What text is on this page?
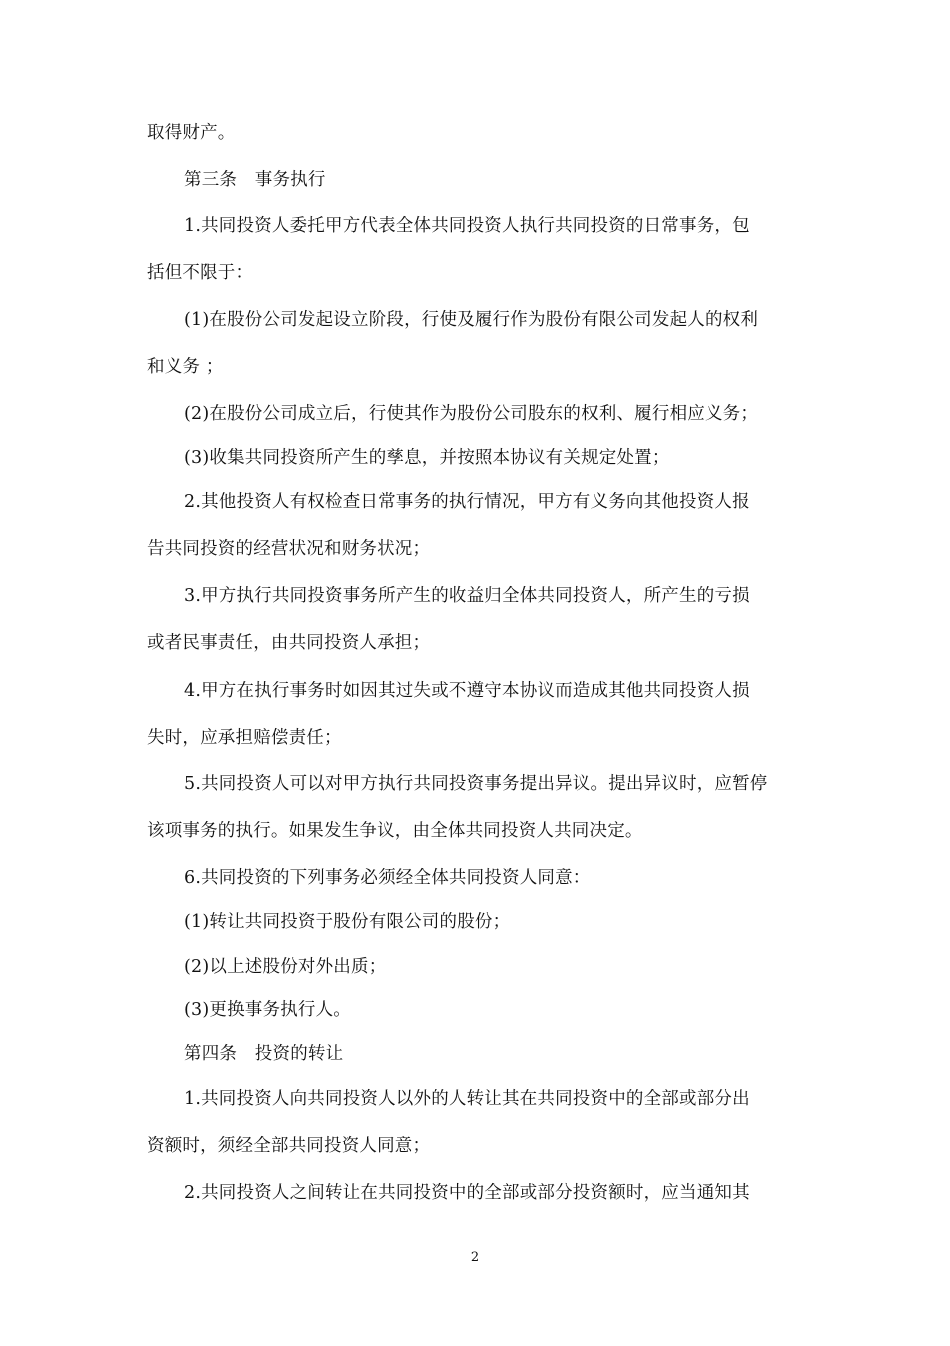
取得财产。
第三条　事务执行
1.共同投资人委托甲方代表全体共同投资人执行共同投资的日常事务，包
括但不限于：
(1)在股份公司发起设立阶段，行使及履行作为股份有限公司发起人的权利
和义务 ；
(2)在股份公司成立后，行使其作为股份公司股东的权利、履行相应义务；
(3)收集共同投资所产生的孳息，并按照本协议有关规定处置；
2.其他投资人有权检查日常事务的执行情况，甲方有义务向其他投资人报
告共同投资的经营状况和财务状况；
3.甲方执行共同投资事务所产生的收益归全体共同投资人，所产生的亏损
或者民事责任，由共同投资人承担；
4.甲方在执行事务时如因其过失或不遵守本协议而造成其他共同投资人损
失时，应承担赔偿责任；
5.共同投资人可以对甲方执行共同投资事务提出异议。提出异议时，应暂停
该项事务的执行。如果发生争议，由全体共同投资人共同决定。
6.共同投资的下列事务必须经全体共同投资人同意：
(1)转让共同投资于股份有限公司的股份；
(2)以上述股份对外出质；
(3)更换事务执行人。
第四条　投资的转让
1.共同投资人向共同投资人以外的人转让其在共同投资中的全部或部分出
资额时，须经全部共同投资人同意；
2.共同投资人之间转让在共同投资中的全部或部分投资额时，应当通知其
2
